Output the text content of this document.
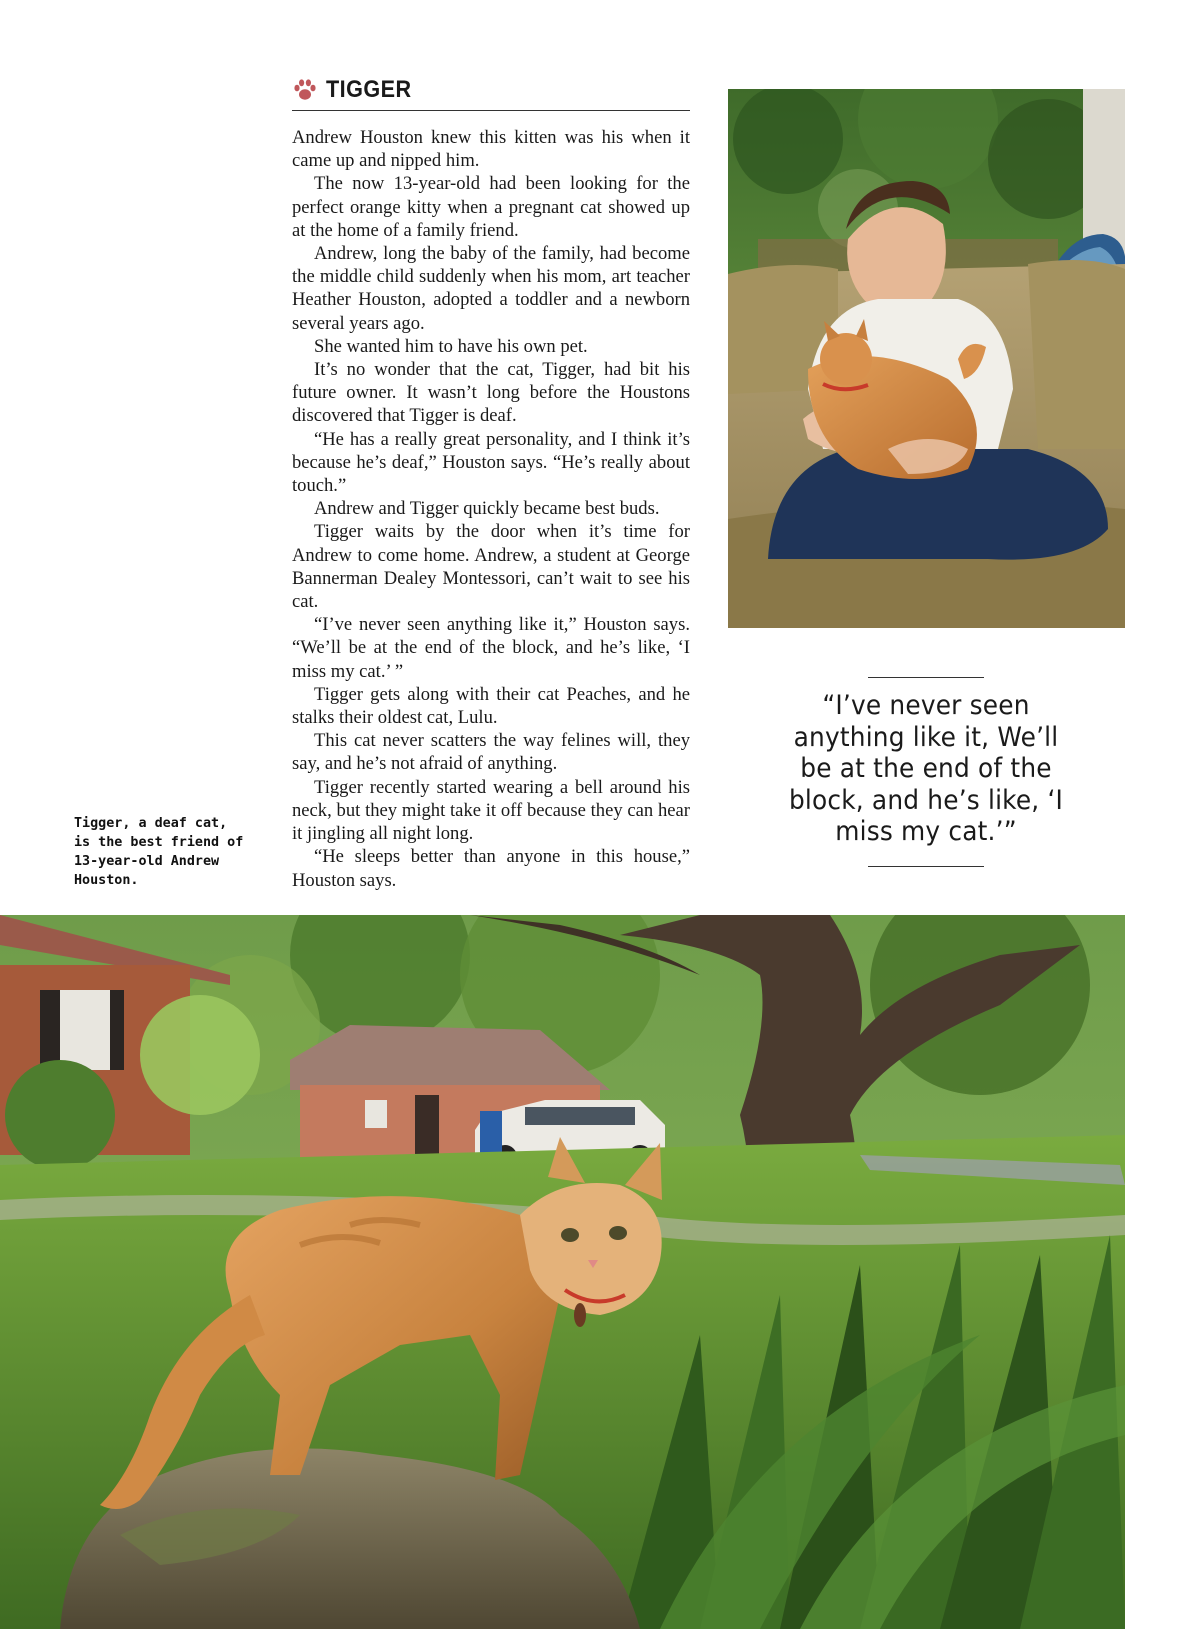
TIGGER

Andrew Houston knew this kitten was his when it came up and nipped him.

The now 13-year-old had been looking for the perfect orange kitty when a pregnant cat showed up at the home of a family friend.

Andrew, long the baby of the family, had become the middle child suddenly when his mom, art teacher Heather Houston, adopted a toddler and a newborn several years ago.

She wanted him to have his own pet.

It’s no wonder that the cat, Tigger, had bit his future owner. It wasn’t long before the Houstons discovered that Tigger is deaf.

“He has a really great personality, and I think it’s because he’s deaf,” Houston says. “He’s really about touch.”

Andrew and Tigger quickly became best buds.

Tigger waits by the door when it’s time for Andrew to come home. Andrew, a student at George Bannerman Dealey Montessori, can’t wait to see his cat.

“I’ve never seen anything like it,” Houston says. “We’ll be at the end of the block, and he’s like, ‘I miss my cat.’ ”

Tigger gets along with their cat Peaches, and he stalks their oldest cat, Lulu.

This cat never scatters the way felines will, they say, and he’s not afraid of anything.

Tigger recently started wearing a bell around his neck, but they might take it off because they can hear it jingling all night long.

“He sleeps better than anyone in this house,” Houston says.

Tigger, a deaf cat, is the best friend of 13-year-old Andrew Houston.
“I’ve never seen anything like it, We’ll be at the end of the block, and he’s like, ‘I miss my cat.’”
